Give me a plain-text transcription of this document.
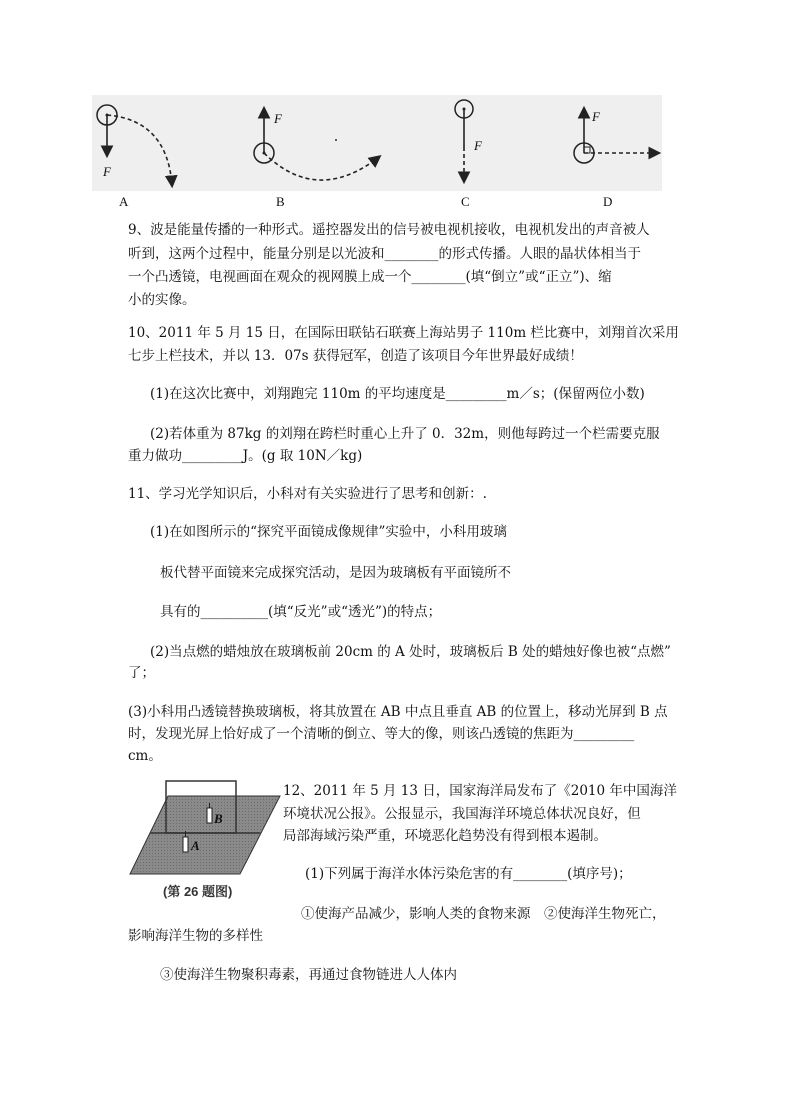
F
F
F
F
A	B	C	D
9、波是能量传播的一种形式。遥控器发出的信号被电视机接收，电视机发出的声音被人
听到，这两个过程中，能量分别是以光波和________的形式传播。人眼的晶状体相当于
一个凸透镜，电视画面在观众的视网膜上成一个________(填“倒立”或“正立”)、缩
小的实像。
10、2011 年 5 月 15 日，在国际田联钻石联赛上海站男子 110m 栏比赛中，刘翔首次采用
七步上栏技术，并以 13．07s 获得冠军，创造了该项目今年世界最好成绩！
(1)在这次比赛中，刘翔跑完 110m 的平均速度是_________m／s；(保留两位小数)
(2)若体重为 87kg 的刘翔在跨栏时重心上升了 0．32m，则他每跨过一个栏需要克服
重力做功_________J。(g 取 10N／kg)
11、学习光学知识后，小科对有关实验进行了思考和创新：.
(1)在如图所示的“探究平面镜成像规律”实验中，小科用玻璃
板代替平面镜来完成探究活动，是因为玻璃板有平面镜所不
具有的__________(填“反光”或“透光”)的特点；
(2)当点燃的蜡烛放在玻璃板前 20cm 的 A 处时，玻璃板后 B 处的蜡烛好像也被“点燃”
了；
(3)小科用凸透镜替换玻璃板，将其放置在 AB 中点且垂直 AB 的位置上，移动光屏到 B 点
时，发现光屏上恰好成了一个清晰的倒立、等大的像，则该凸透镜的焦距为_________
cm。
B
A
(第 26 题图)
12、2011 年 5 月 13 日，国家海洋局发布了《2010 年中国海洋
环境状况公报》。公报显示，我国海洋环境总体状况良好，但
局部海域污染严重，环境恶化趋势没有得到根本遏制。
(1)下列属于海洋水体污染危害的有________(填序号)；
①使海产品减少，影响人类的食物来源　②使海洋生物死亡，
影响海洋生物的多样性
③使海洋生物聚积毒素，再通过食物链进人人体内
